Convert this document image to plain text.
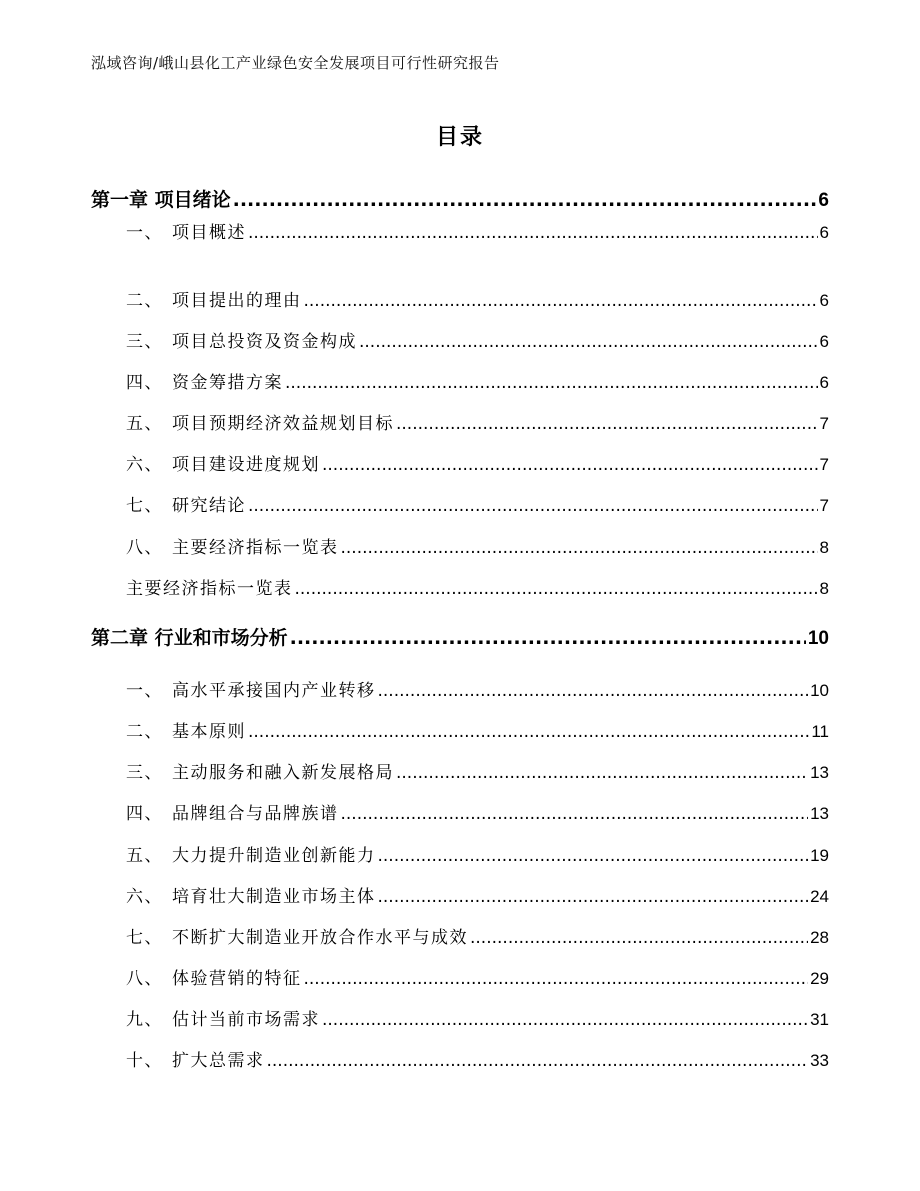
泓域咨询/峨山县化工产业绿色安全发展项目可行性研究报告
目录
第一章 项目绪论 .....	6
一、 项目概述 .....	6
二、 项目提出的理由 .....	6
三、 项目总投资及资金构成 .....	6
四、 资金筹措方案 .....	6
五、 项目预期经济效益规划目标 .....	7
六、 项目建设进度规划 .....	7
七、 研究结论 .....	7
八、 主要经济指标一览表 .....	8
主要经济指标一览表 .....	8
第二章 行业和市场分析 .....	10
一、 高水平承接国内产业转移 .....	10
二、 基本原则 .....	11
三、 主动服务和融入新发展格局 .....	13
四、 品牌组合与品牌族谱 .....	13
五、 大力提升制造业创新能力 .....	19
六、 培育壮大制造业市场主体 .....	24
七、 不断扩大制造业开放合作水平与成效 .....	28
八、 体验营销的特征 .....	29
九、 估计当前市场需求 .....	31
十、 扩大总需求 .....	33
